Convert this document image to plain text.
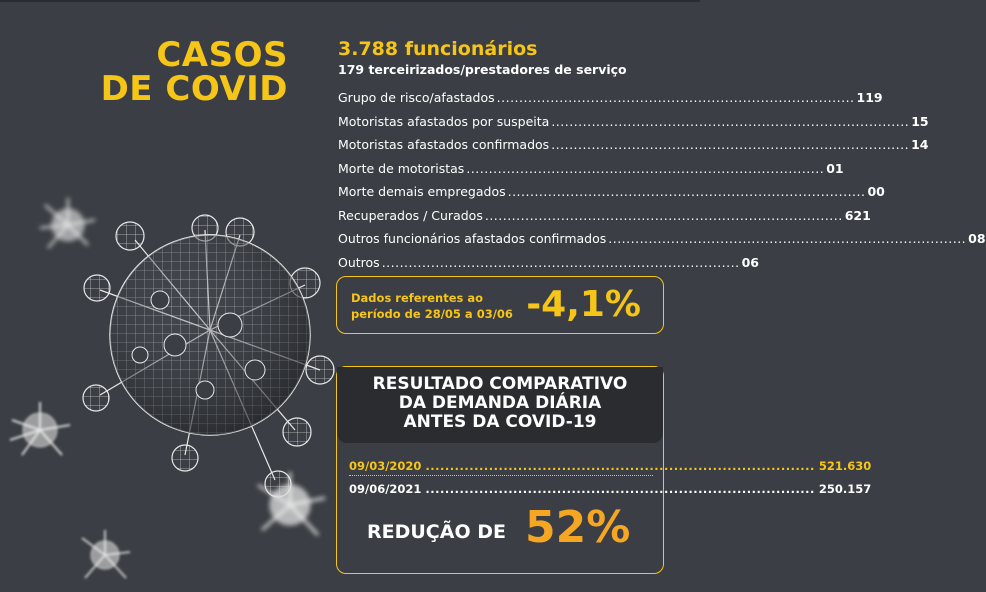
CASOS
DE COVID
3.788 funcionários
179 terceirizados/prestadores de serviço
Grupo de risco/afastados ................................................................................ 119
Motoristas afastados por suspeita ................................................................................ 15
Motoristas afastados confirmados ................................................................................ 14
Morte de motoristas ................................................................................ 01
Morte demais empregados ................................................................................ 00
Recuperados / Curados ................................................................................ 621
Outros funcionários afastados confirmados ................................................................................ 08
Outros ................................................................................ 06
Dados referentes ao
período de 28/05 a 03/06 -4,1%
RESULTADO COMPARATIVO
DA DEMANDA DIÁRIA
ANTES DA COVID-19
09/03/2020 ................................................................................ 521.630
09/06/2021 ................................................................................ 250.157
REDUÇÃO DE 52%
